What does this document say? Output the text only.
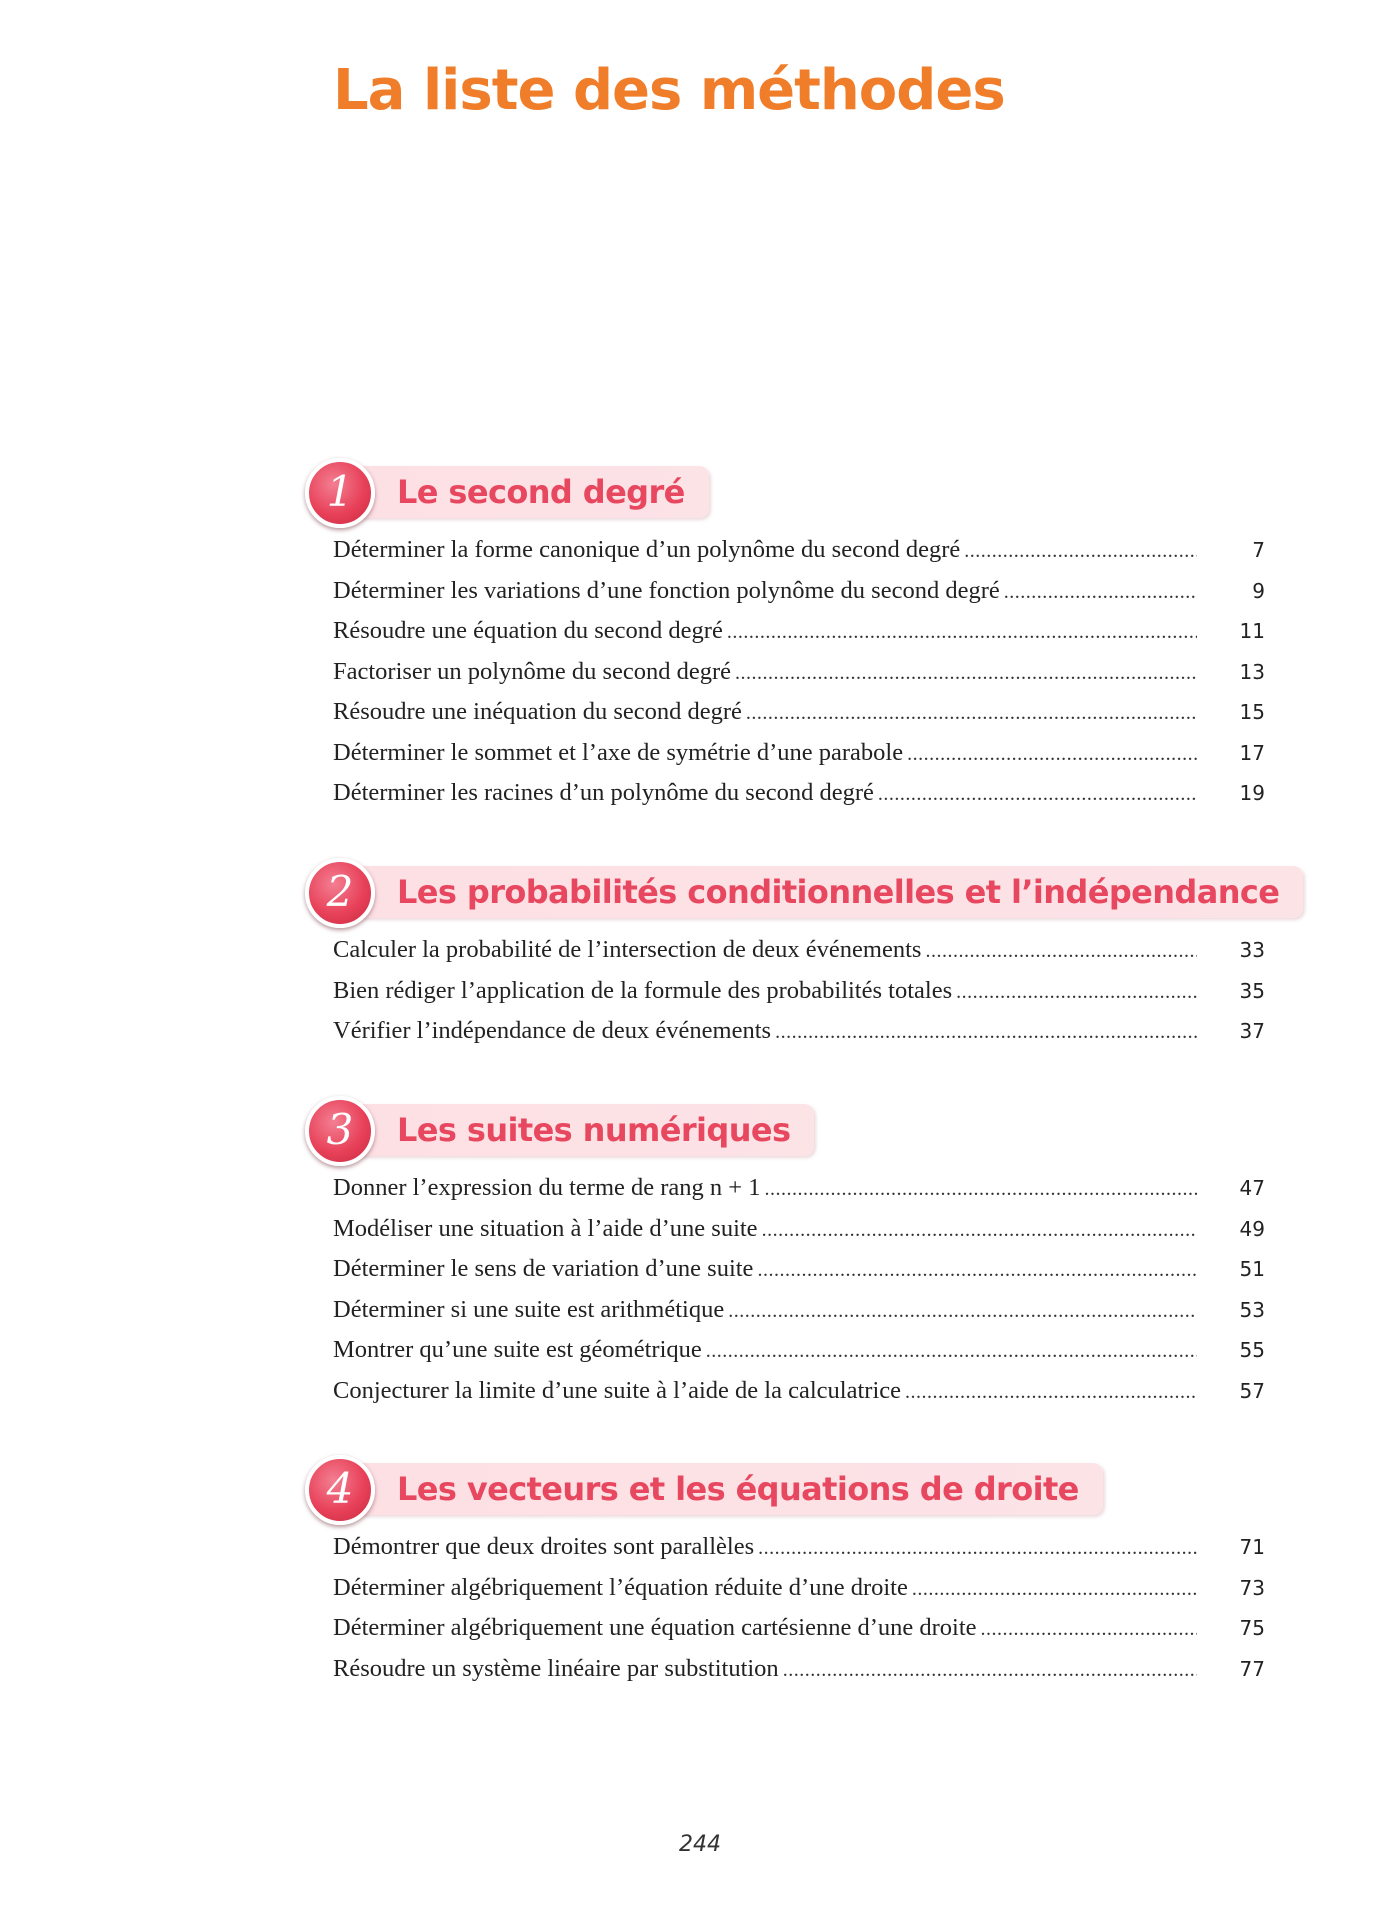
La liste des méthodes
Le second degré
1
Déterminer la forme canonique d’un polynôme du second degré .....	7
Déterminer les variations d’une fonction polynôme du second degré .....	9
Résoudre une équation du second degré .....	11
Factoriser un polynôme du second degré .....	13
Résoudre une inéquation du second degré .....	15
Déterminer le sommet et l’axe de symétrie d’une parabole .....	17
Déterminer les racines d’un polynôme du second degré .....	19
Les probabilités conditionnelles et l’indépendance
2
Calculer la probabilité de l’intersection de deux événements .....	33
Bien rédiger l’application de la formule des probabilités totales .....	35
Vérifier l’indépendance de deux événements .....	37
Les suites numériques
3
Donner l’expression du terme de rang n + 1 .....	47
Modéliser une situation à l’aide d’une suite .....	49
Déterminer le sens de variation d’une suite .....	51
Déterminer si une suite est arithmétique .....	53
Montrer qu’une suite est géométrique .....	55
Conjecturer la limite d’une suite à l’aide de la calculatrice .....	57
Les vecteurs et les équations de droite
4
Démontrer que deux droites sont parallèles .....	71
Déterminer algébriquement l’équation réduite d’une droite .....	73
Déterminer algébriquement une équation cartésienne d’une droite .....	75
Résoudre un système linéaire par substitution .....	77
244
